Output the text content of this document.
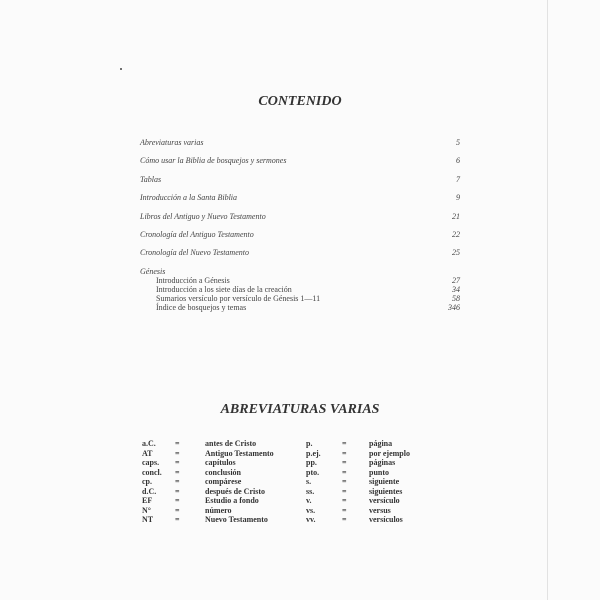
CONTENIDO
Abreviaturas varias	5
Cómo usar la Biblia de bosquejos y sermones	6
Tablas	7
Introducción a la Santa Biblia	9
Libros del Antiguo y Nuevo Testamento	21
Cronología del Antiguo Testamento	22
Cronología del Nuevo Testamento	25
Génesis
Introducción a Génesis	27
Introducción a los siete días de la creación	34
Sumarios versículo por versículo de Génesis 1—11	58
Índice de bosquejos y temas	346
ABREVIATURAS VARIAS
a.C. =	antes de Cristo	p.	=	página
AT	=	Antiguo Testamento	p.ej.	=	por ejemplo
caps. =	capítulos	pp.	=	páginas
concl. =	conclusión	pto.	=	punto
cp.	=	compárese	s.	=	siguiente
d.C. =	después de Cristo	ss.	=	siguientes
EF	=	Estudio a fondo	v.	=	versículo
N°	=	número	vs.	=	versus
NT	=	Nuevo Testamento	vv.	=	versículos
